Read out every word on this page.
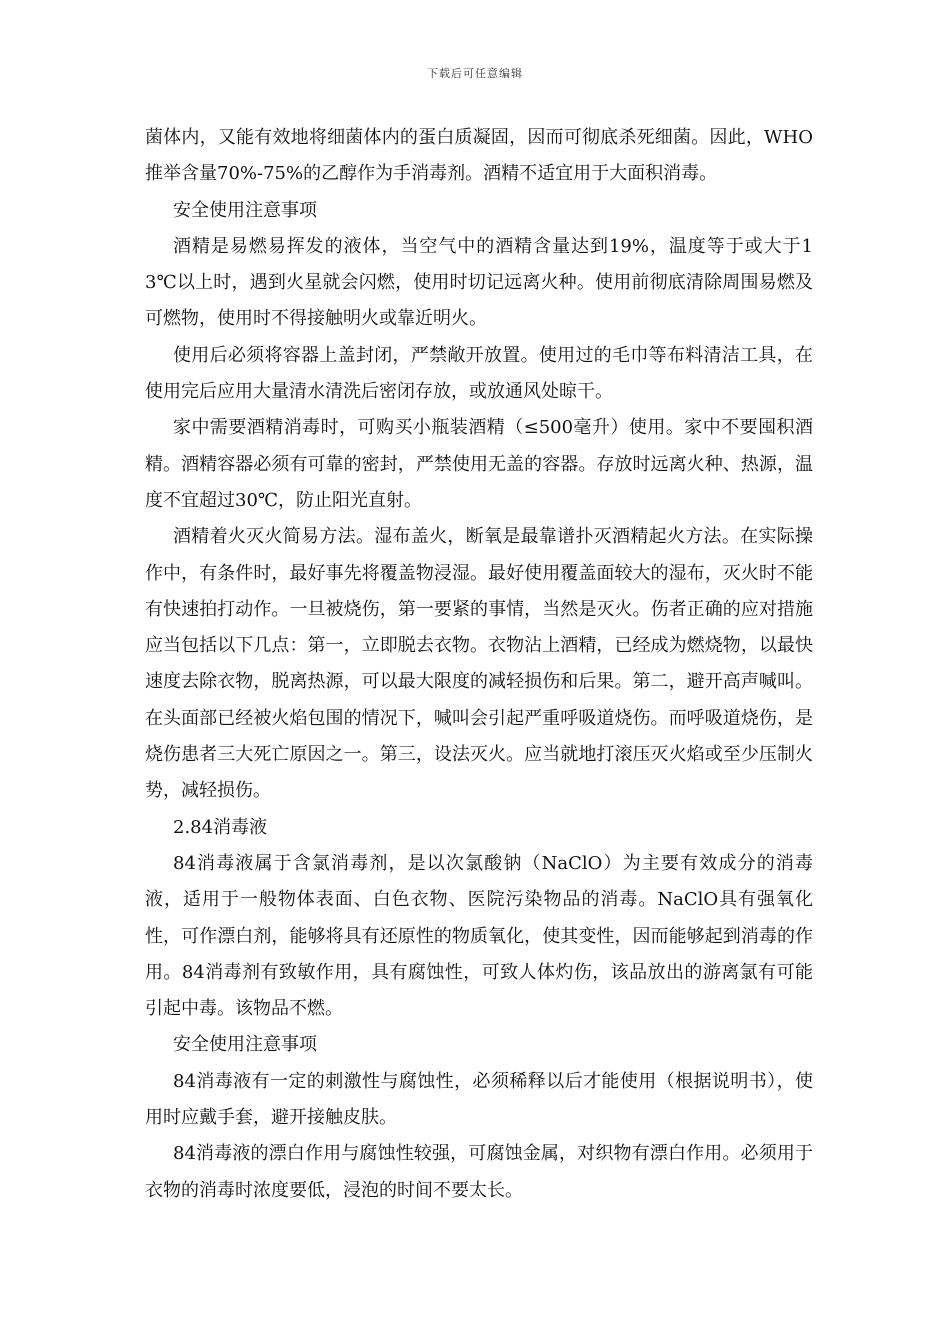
下载后可任意编辑

菌体内，又能有效地将细菌体内的蛋白质凝固，因而可彻底杀死细菌。因此，WHO推举含量70%-75%的乙醇作为手消毒剂。酒精不适宜用于大面积消毒。

安全使用注意事项

酒精是易燃易挥发的液体，当空气中的酒精含量达到19%，温度等于或大于13℃以上时，遇到火星就会闪燃，使用时切记远离火种。使用前彻底清除周围易燃及可燃物，使用时不得接触明火或靠近明火。

使用后必须将容器上盖封闭，严禁敞开放置。使用过的毛巾等布料清洁工具，在使用完后应用大量清水清洗后密闭存放，或放通风处晾干。

家中需要酒精消毒时，可购买小瓶装酒精（≤500毫升）使用。家中不要囤积酒精。酒精容器必须有可靠的密封，严禁使用无盖的容器。存放时远离火种、热源，温度不宜超过30℃，防止阳光直射。

酒精着火灭火简易方法。湿布盖火，断氧是最靠谱扑灭酒精起火方法。在实际操作中，有条件时，最好事先将覆盖物浸湿。最好使用覆盖面较大的湿布，灭火时不能有快速拍打动作。一旦被烧伤，第一要紧的事情，当然是灭火。伤者正确的应对措施应当包括以下几点：第一，立即脱去衣物。衣物沾上酒精，已经成为燃烧物，以最快速度去除衣物，脱离热源，可以最大限度的减轻损伤和后果。第二，避开高声喊叫。在头面部已经被火焰包围的情况下，喊叫会引起严重呼吸道烧伤。而呼吸道烧伤，是烧伤患者三大死亡原因之一。第三，设法灭火。应当就地打滚压灭火焰或至少压制火势，减轻损伤。

2.84消毒液

84消毒液属于含氯消毒剂，是以次氯酸钠（NaClO）为主要有效成分的消毒液，适用于一般物体表面、白色衣物、医院污染物品的消毒。NaClO具有强氧化性，可作漂白剂，能够将具有还原性的物质氧化，使其变性，因而能够起到消毒的作用。84消毒剂有致敏作用，具有腐蚀性，可致人体灼伤，该品放出的游离氯有可能引起中毒。该物品不燃。

安全使用注意事项

84消毒液有一定的刺激性与腐蚀性，必须稀释以后才能使用（根据说明书），使用时应戴手套，避开接触皮肤。

84消毒液的漂白作用与腐蚀性较强，可腐蚀金属，对织物有漂白作用。必须用于衣物的消毒时浓度要低，浸泡的时间不要太长。
